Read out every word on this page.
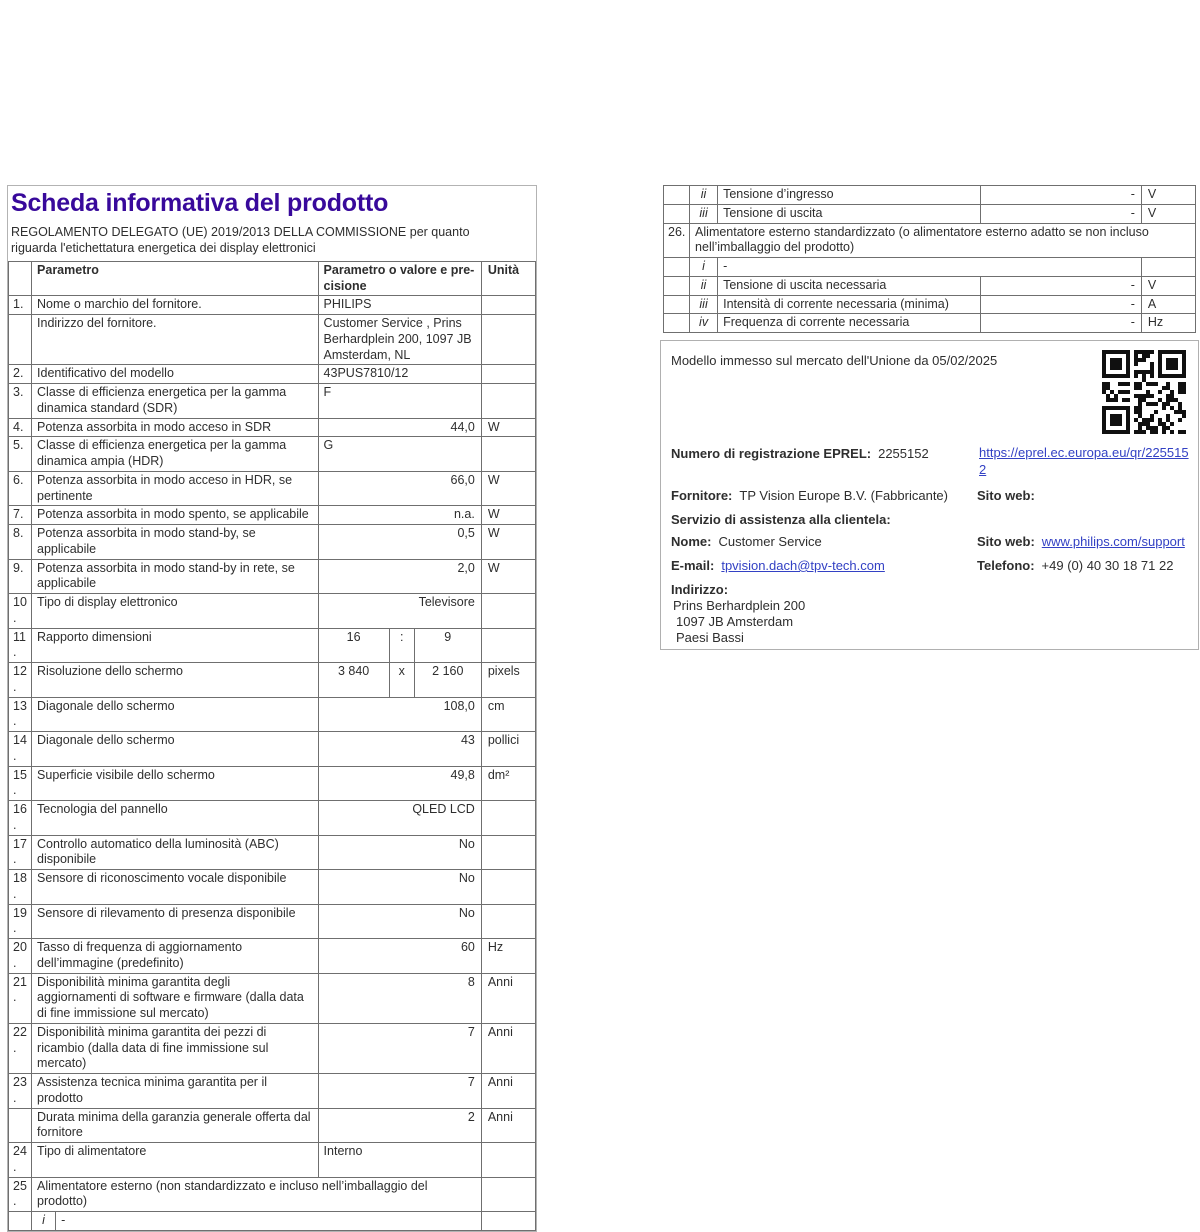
Scheda informativa del prodotto

REGOLAMENTO DELEGATO (UE) 2019/2013 DELLA COMMISSIONE per quanto riguarda l'etichettatura energetica dei display elettronici

	Parametro		Parametro o valore e precisione			Unità
1.	Nome o marchio del fornitore.		PHILIPS			
	Indirizzo del fornitore.		Customer Service , Prins Berhardplein 200, 1097 JB Amsterdam, NL			
2.	Identificativo del modello		43PUS7810/12			
3.	Classe di efficienza energetica per la gamma dinamica standard (SDR)		F			
4.	Potenza assorbita in modo acceso in SDR		44,0			W
5.	Classe di efficienza energetica per la gamma dinamica ampia (HDR)		G			
6.	Potenza assorbita in modo acceso in HDR, se pertinente		66,0			W
7.	Potenza assorbita in modo spento, se applicabile		n.a.			W
8.	Potenza assorbita in modo stand-by, se applicabile		0,5			W
9.	Potenza assorbita in modo stand-by in rete, se applicabile		2,0			W
10.	Tipo di display elettronico		Televisore			
11.	Rapporto dimensioni		16	:	9	
12.	Risoluzione dello schermo		3 840	x	2 160	pixels
13.	Diagonale dello schermo		108,0			cm
14.	Diagonale dello schermo		43			pollici
15.	Superficie visibile dello schermo		49,8			dm²
16.	Tecnologia del pannello		QLED LCD			
17.	Controllo automatico della luminosità (ABC) disponibile		No			
18.	Sensore di riconoscimento vocale disponibile		No			
19.	Sensore di rilevamento di presenza disponibile		No			
20.	Tasso di frequenza di aggiornamento dell’immagine (predefinito)		60			Hz
21.	Disponibilità minima garantita degli aggiornamenti di software e firmware (dalla data di fine immissione sul mercato)		8			Anni
22.	Disponibilità minima garantita dei pezzi di ricambio (dalla data di fine immissione sul mercato)		7			Anni
23.	Assistenza tecnica minima garantita per il prodotto		7			Anni
	Durata minima della garanzia generale offerta dal fornitore		2			Anni
24.	Tipo di alimentatore		Interno			
25.	Alimentatore esterno (non standardizzato e incluso nell’imballaggio del prodotto)					
	i	-				
	ii	Tensione d’ingresso	-	V
	iii	Tensione di uscita	-	V
26.	Alimentatore esterno standardizzato (o alimentatore esterno adatto se non incluso nell’imballaggio del prodotto)			
	i	-		
	ii	Tensione di uscita necessaria	-	V
	iii	Intensità di corrente necessaria (minima)	-	A
	iv	Frequenza di corrente necessaria	-	Hz
Modello immesso sul mercato dell'Unione da 05/02/2025
Numero di registrazione EPREL: 2255152	https://eprel.ec.europa.eu/qr/2255152
Fornitore: TP Vision Europe B.V. (Fabbricante) Sito web:
Servizio di assistenza alla clientela:
Nome: Customer Service	Sito web: www.philips.com/support
E-mail: tpvision.dach@tpv-tech.com	Telefono: +49 (0) 40 30 18 71 22
Indirizzo:
Prins Berhardplein 200
1097 JB Amsterdam
Paesi Bassi
